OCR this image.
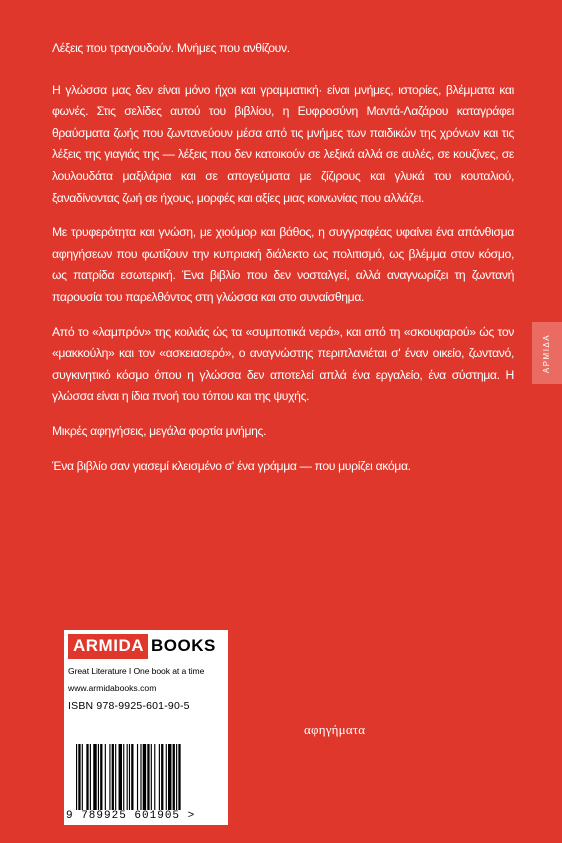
Λέξεις που τραγουδούν. Μνήμες που ανθίζουν.

Η γλώσσα μας δεν είναι μόνο ήχοι και γραμματική· είναι μνήμες, ιστορίες, βλέμματα και φωνές. Στις σελίδες αυτού του βιβλίου, η Ευφροσύνη Μαντά-Λαζάρου καταγράφει θραύσματα ζωής που ζωντανεύουν μέσα από τις μνήμες των παιδικών της χρόνων και τις λέξεις της γιαγιάς της — λέξεις που δεν κατοικούν σε λεξικά αλλά σε αυλές, σε κουζίνες, σε λουλουδάτα μαξιλάρια και σε απογεύματα με ζίζιρους και γλυκά του κουταλιού, ξαναδίνοντας ζωή σε ήχους, μορφές και αξίες μιας κοινωνίας που αλλάζει.

Με τρυφερότητα και γνώση, με χιούμορ και βάθος, η συγγραφέας υφαίνει ένα απάνθισμα αφηγήσεων που φωτίζουν την κυπριακή διάλεκτο ως πολιτισμό, ως βλέμμα στον κόσμο, ως πατρίδα εσωτερική. Ένα βιβλίο που δεν νοσταλγεί, αλλά αναγνωρίζει τη ζωντανή παρουσία του παρελθόντος στη γλώσσα και στο συναίσθημα.

Από το «λαμπρόν» της κοιλιάς ώς τα «συμποτικά νερά», και από τη «σκουφαρού» ώς τον «μακκούλη» και τον «ασκειασερό», ο αναγνώστης περιπλανιέται σ' έναν οικείο, ζωντανό, συγκινητικό κόσμο όπου η γλώσσα δεν αποτελεί απλά ένα εργαλείο, ένα σύστημα. Η γλώσσα είναι η ίδια πνοή του τόπου και της ψυχής.

Μικρές αφηγήσεις, μεγάλα φορτία μνήμης.

Ένα βιβλίο σαν γιασεμί κλεισμένο σ' ένα γράμμα — που μυρίζει ακόμα.

ΑΡΜΙΔΑ
ARMIDA BOOKS
Great Literature I One book at a time
www.armidabooks.com
ISBN 978-9925-601-90-5
9 789925 601905 >
αφηγήματα
